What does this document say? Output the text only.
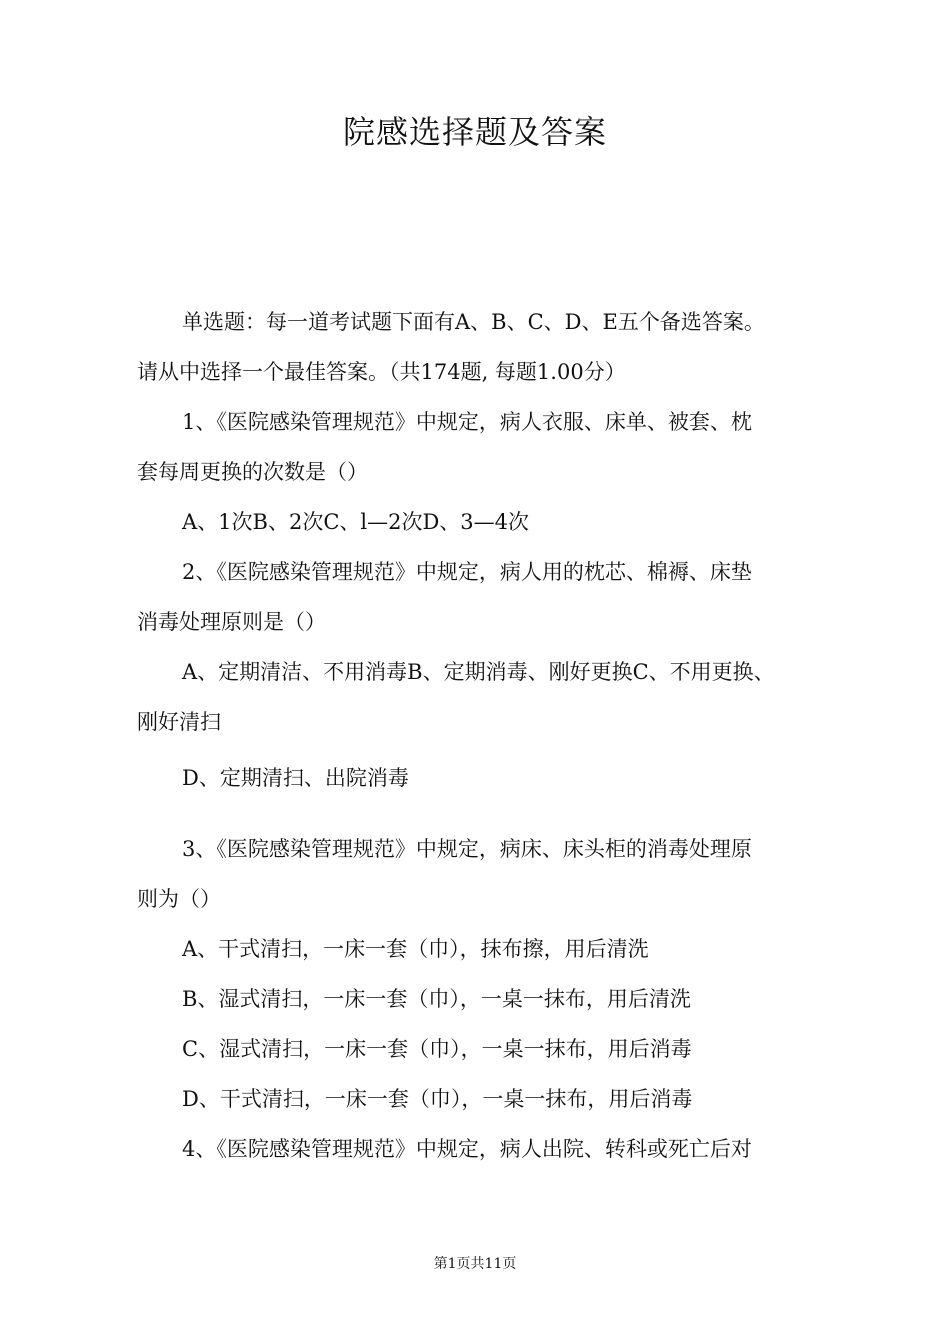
院感选择题及答案
单选题：每一道考试题下面有A、B、C、D、E五个备选答案。
请从中选择一个最佳答案。（共174题, 每题1.00分）
1、《医院感染管理规范》中规定，病人衣服、床单、被套、枕
套每周更换的次数是（）
A、1次B、2次C、l—2次D、3—4次
2、《医院感染管理规范》中规定，病人用的枕芯、棉褥、床垫
消毒处理原则是（）
A、定期清洁、不用消毒B、定期消毒、刚好更换C、不用更换、
刚好清扫
D、定期清扫、出院消毒
3、《医院感染管理规范》中规定，病床、床头柜的消毒处理原
则为（）
A、干式清扫，一床一套（巾），抹布擦，用后清洗
B、湿式清扫，一床一套（巾），一桌一抹布，用后清洗
C、湿式清扫，一床一套（巾），一桌一抹布，用后消毒
D、干式清扫，一床一套（巾），一桌一抹布，用后消毒
4、《医院感染管理规范》中规定，病人出院、转科或死亡后对
第1页共11页
